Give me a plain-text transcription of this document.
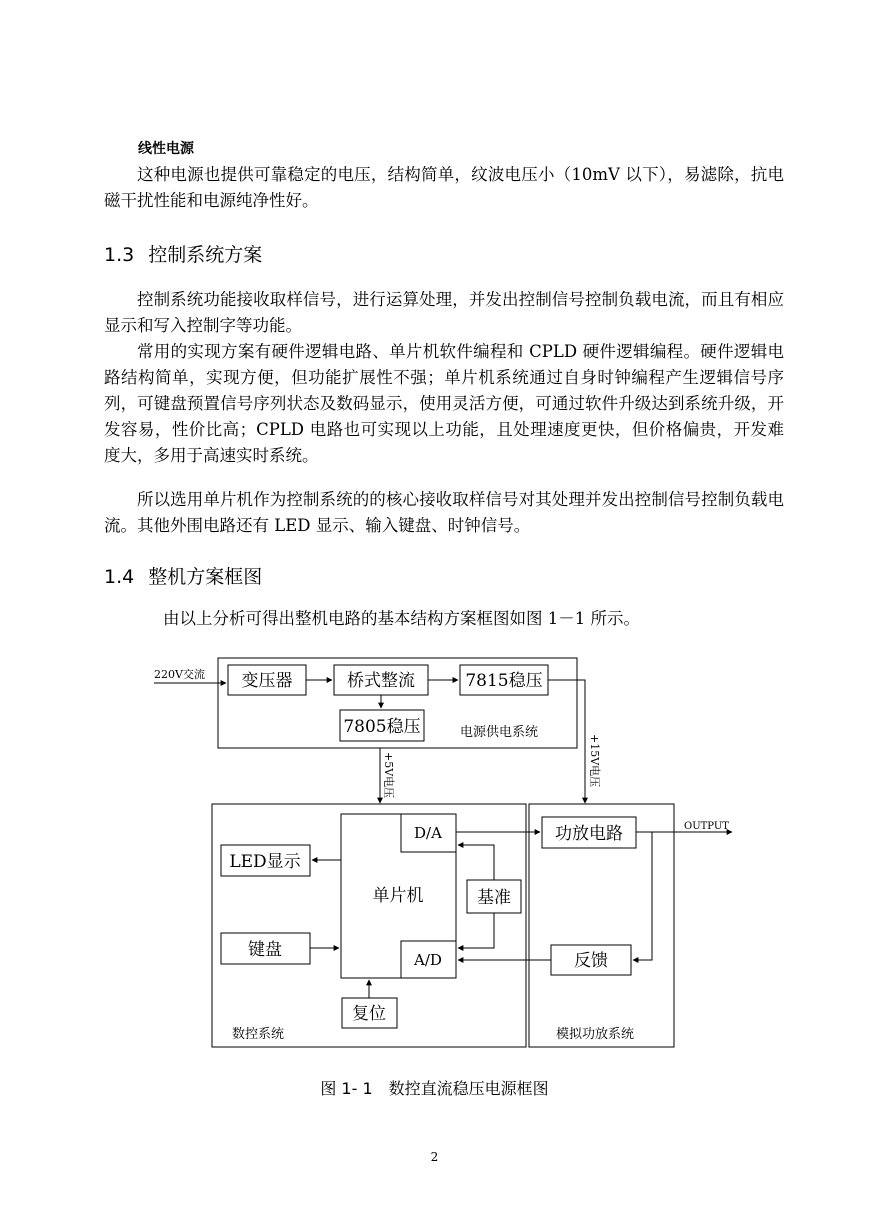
线性电源

这种电源也提供可靠稳定的电压，结构简单，纹波电压小（10mV 以下），易滤除，抗电磁干扰性能和电源纯净性好。

1.3 控制系统方案

控制系统功能接收取样信号，进行运算处理，并发出控制信号控制负载电流，而且有相应显示和写入控制字等功能。

常用的实现方案有硬件逻辑电路、单片机软件编程和 CPLD 硬件逻辑编程。硬件逻辑电路结构简单，实现方便，但功能扩展性不强；单片机系统通过自身时钟编程产生逻辑信号序列，可键盘预置信号序列状态及数码显示，使用灵活方便，可通过软件升级达到系统升级，开发容易，性价比高；CPLD 电路也可实现以上功能，且处理速度更快，但价格偏贵，开发难度大，多用于高速实时系统。

所以选用单片机作为控制系统的的核心接收取样信号对其处理并发出控制信号控制负载电流。其他外围电路还有 LED 显示、输入键盘、时钟信号。

1.4 整机方案框图

由以上分析可得出整机电路的基本结构方案框图如图 1－1 所示。

220V交流 变压器	桥式整流	7815稳压
7805稳压	电源供电系统
+5V电压	+15V电压
数控系统
单片机
D/A
A/D
LED显示
键盘
基准
复位
模拟功放系统
功放电路	OUTPUT
反馈

图 1- 1　数控直流稳压电源框图

2
